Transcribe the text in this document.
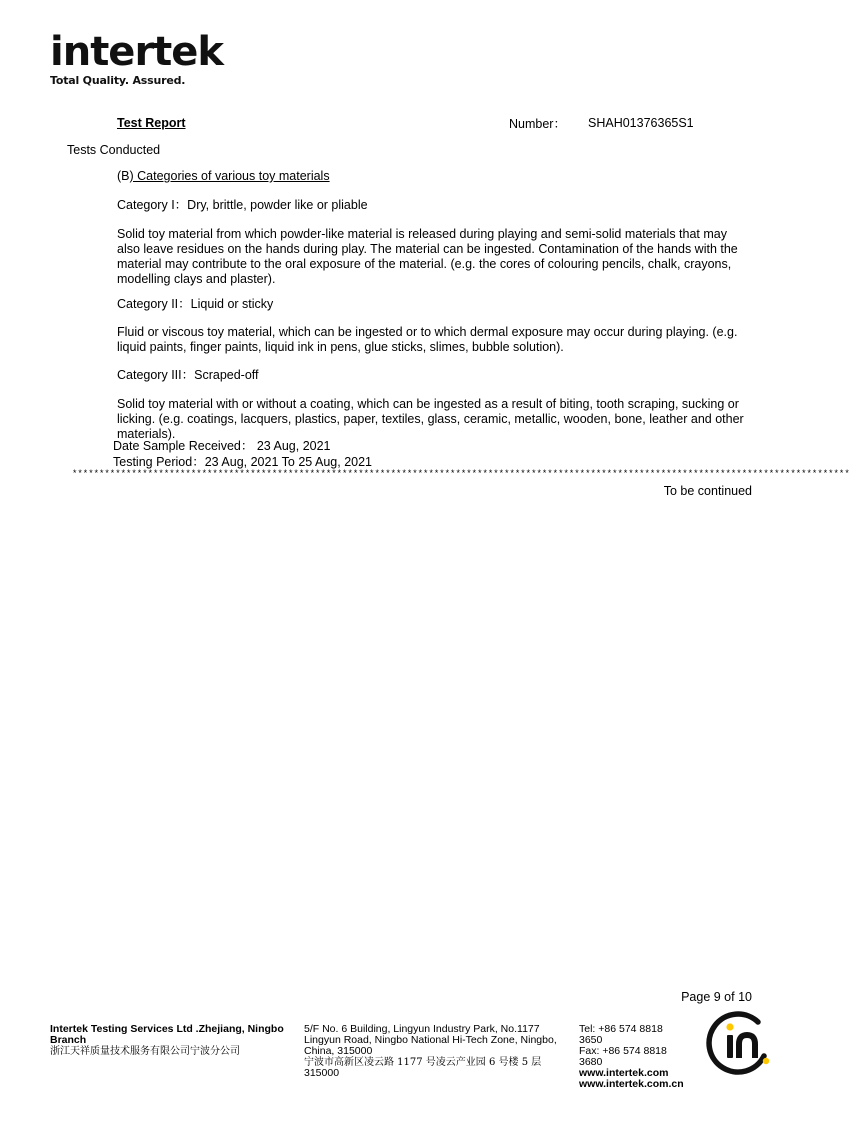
intertek
Total Quality. Assured.
Test Report	Number： SHAH01376365S1
Tests Conducted
(B) Categories of various toy materials
Category I：Dry, brittle, powder like or pliable
Solid toy material from which powder-like material is released during playing and semi-solid materials that may also leave residues on the hands during play. The material can be ingested. Contamination of the hands with the material may contribute to the oral exposure of the material. (e.g. the cores of colouring pencils, chalk, crayons, modelling clays and plaster).
Category II：Liquid or sticky
Fluid or viscous toy material, which can be ingested or to which dermal exposure may occur during playing. (e.g. liquid paints, finger paints, liquid ink in pens, glue sticks, slimes, bubble solution).
Category III：Scraped-off
Solid toy material with or without a coating, which can be ingested as a result of biting, tooth scraping, sucking or licking. (e.g. coatings, lacquers, plastics, paper, textiles, glass, ceramic, metallic, wooden, bone, leather and other materials).
Date Sample Received： 23 Aug, 2021
Testing Period：23 Aug, 2021 To 25 Aug, 2021
************************************************************************************************************************************************
To be continued
Page 9 of 10
Intertek Testing Services Ltd .Zhejiang, Ningbo
Branch
浙江天祥质量技术服务有限公司宁波分公司
5/F No. 6 Building, Lingyun Industry Park, No.1177
Lingyun Road, Ningbo National Hi-Tech Zone, Ningbo,
China, 315000
宁波市高新区凌云路 1177 号凌云产业园 6 号楼 5 层
315000
Tel: +86 574 8818
3650
Fax: +86 574 8818
3680
www.intertek.com
www.intertek.com.cn
